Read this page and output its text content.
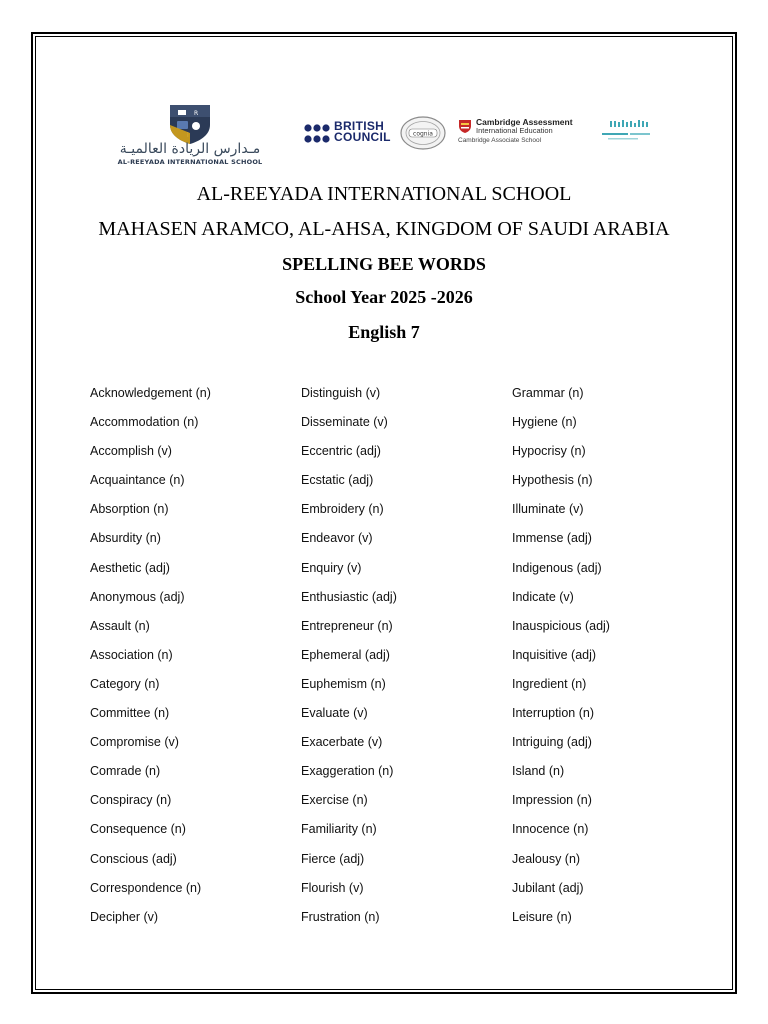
R
مـدارس الريادة العالميـة
AL-REEYADA INTERNATIONAL SCHOOL
BRITISH
COUNCIL	cognia
Cambridge Assessment
International Education
Cambridge Associate School
AL-REEYADA INTERNATIONAL SCHOOL
MAHASEN ARAMCO, AL-AHSA, KINGDOM OF SAUDI ARABIA
SPELLING BEE WORDS
School Year 2025 -2026
English 7
Acknowledgement (n)
Accommodation (n)
Accomplish (v)
Acquaintance (n)
Absorption (n)
Absurdity (n)
Aesthetic (adj)
Anonymous (adj)
Assault (n)
Association (n)
Category (n)
Committee (n)
Compromise (v)
Comrade (n)
Conspiracy (n)
Consequence (n)
Conscious (adj)
Correspondence (n)
Decipher (v)
Distinguish (v)
Disseminate (v)
Eccentric (adj)
Ecstatic (adj)
Embroidery (n)
Endeavor (v)
Enquiry (v)
Enthusiastic (adj)
Entrepreneur (n)
Ephemeral (adj)
Euphemism (n)
Evaluate (v)
Exacerbate (v)
Exaggeration (n)
Exercise (n)
Familiarity (n)
Fierce (adj)
Flourish (v)
Frustration (n)
Grammar (n)
Hygiene (n)
Hypocrisy (n)
Hypothesis (n)
Illuminate (v)
Immense (adj)
Indigenous (adj)
Indicate (v)
Inauspicious (adj)
Inquisitive (adj)
Ingredient (n)
Interruption (n)
Intriguing (adj)
Island (n)
Impression (n)
Innocence (n)
Jealousy (n)
Jubilant (adj)
Leisure (n)
